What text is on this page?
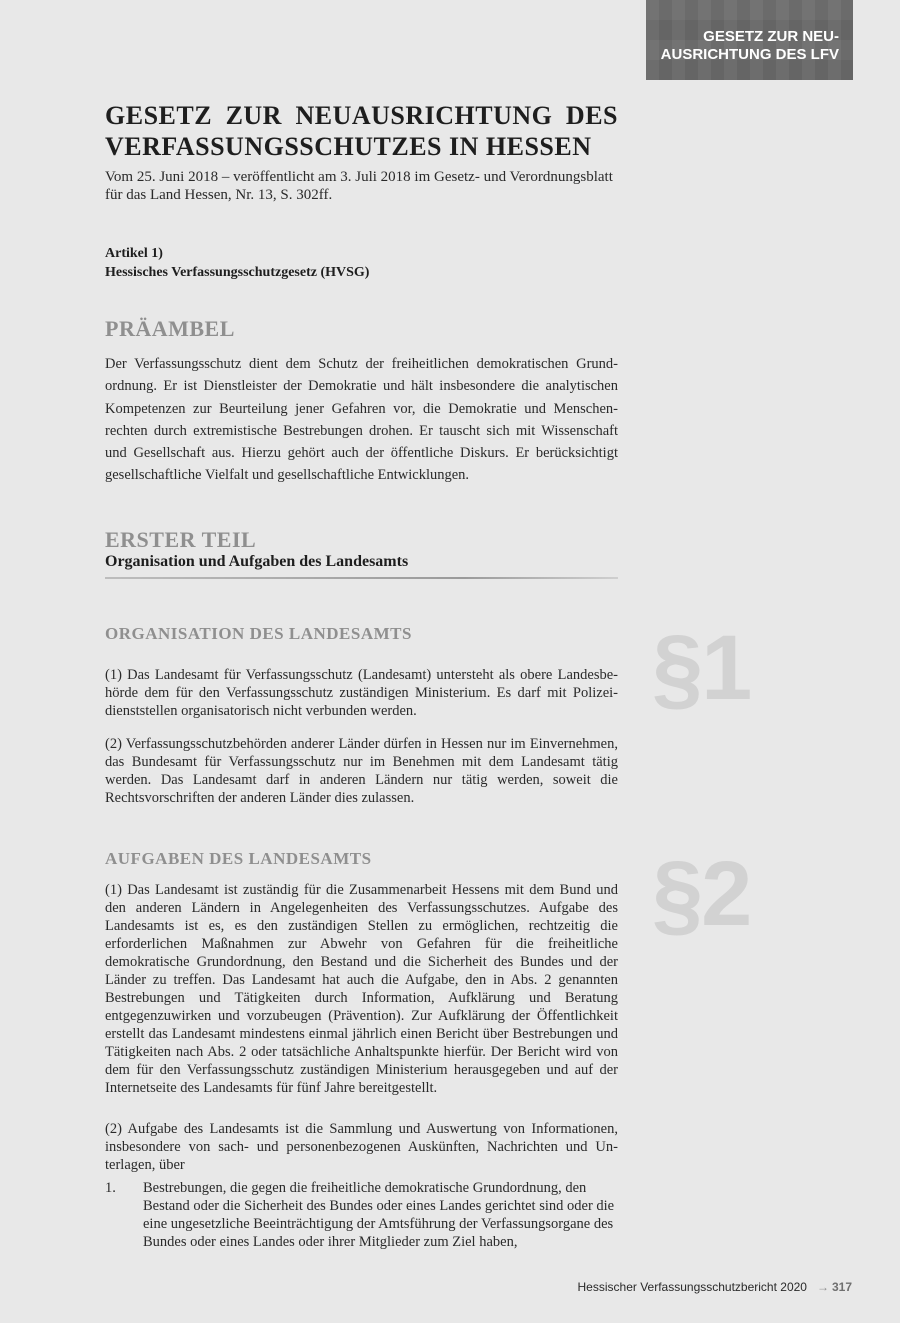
GESETZ ZUR NEU-
AUSRICHTUNG DES LFV
GESETZ ZUR NEUAUSRICHTUNG DES
VERFASSUNGSSCHUTZES IN HESSEN

Vom 25. Juni 2018 – veröffentlicht am 3. Juli 2018 im Gesetz- und Verordnungsblatt für das Land Hessen, Nr. 13, S. 302ff.

Artikel 1)
Hessisches Verfassungsschutzgesetz (HVSG)
PRÄAMBEL

Der Verfassungsschutz dient dem Schutz der freiheitlichen demokratischen Grundordnung. Er ist Dienstleister der Demokratie und hält insbesondere die analytischen Kompetenzen zur Beurteilung jener Gefahren vor, die Demokratie und Menschenrechten durch extremistische Bestrebungen drohen. Er tauscht sich mit Wissenschaft und Gesellschaft aus. Hierzu gehört auch der öffentliche Diskurs. Er berücksichtigt gesellschaftliche Vielfalt und gesellschaftliche Entwicklungen.

ERSTER TEIL

Organisation und Aufgaben des Landesamts

§1
ORGANISATION DES LANDESAMTS

(1) Das Landesamt für Verfassungsschutz (Landesamt) untersteht als obere Landesbehörde dem für den Verfassungsschutz zuständigen Ministerium. Es darf mit Polizeidienststellen organisatorisch nicht verbunden werden.

(2) Verfassungsschutzbehörden anderer Länder dürfen in Hessen nur im Einvernehmen, das Bundesamt für Verfassungsschutz nur im Benehmen mit dem Landesamt tätig werden. Das Landesamt darf in anderen Ländern nur tätig werden, soweit die Rechtsvorschriften der anderen Länder dies zulassen.

§2
AUFGABEN DES LANDESAMTS

(1) Das Landesamt ist zuständig für die Zusammenarbeit Hessens mit dem Bund und den anderen Ländern in Angelegenheiten des Verfassungsschutzes. Aufgabe des Landesamts ist es, es den zuständigen Stellen zu ermöglichen, rechtzeitig die erforderlichen Maßnahmen zur Abwehr von Gefahren für die freiheitliche demokratische Grundordnung, den Bestand und die Sicherheit des Bundes und der Länder zu treffen. Das Landesamt hat auch die Aufgabe, den in Abs. 2 genannten Bestrebungen und Tätigkeiten durch Information, Aufklärung und Beratung entgegenzuwirken und vorzubeugen (Prävention). Zur Aufklärung der Öffentlichkeit erstellt das Landesamt mindestens einmal jährlich einen Bericht über Bestrebungen und Tätigkeiten nach Abs. 2 oder tatsächliche Anhaltspunkte hierfür. Der Bericht wird von dem für den Verfassungsschutz zuständigen Ministerium herausgegeben und auf der Internetseite des Landesamts für fünf Jahre bereitgestellt.

(2) Aufgabe des Landesamts ist die Sammlung und Auswertung von Informationen, insbesondere von sach- und personenbezogenen Auskünften, Nachrichten und Unterlagen, über

1. Bestrebungen, die gegen die freiheitliche demokratische Grundordnung, den Bestand oder die Sicherheit des Bundes oder eines Landes gerichtet sind oder die eine ungesetzliche Beeinträchtigung der Amtsführung der Verfassungsorgane des Bundes oder eines Landes oder ihrer Mitglieder zum Ziel haben,
Hessischer Verfassungsschutzbericht 2020 → 317
